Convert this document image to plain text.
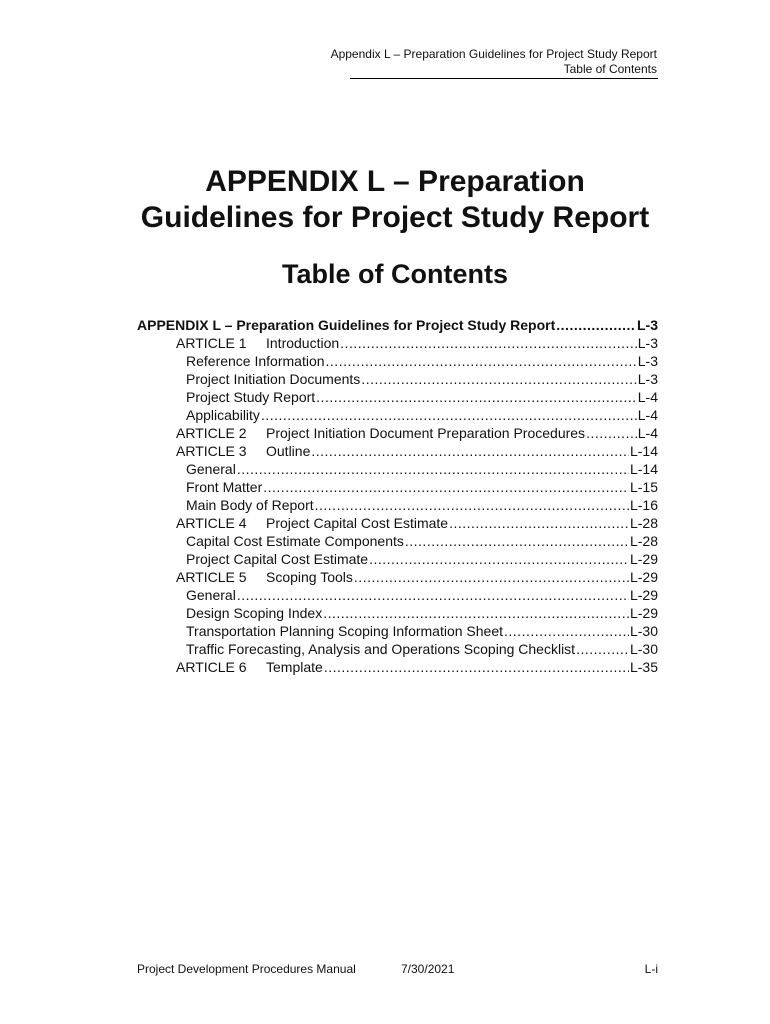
Appendix L – Preparation Guidelines for Project Study Report
Table of Contents
APPENDIX L – Preparation
Guidelines for Project Study Report
Table of Contents
APPENDIX L – Preparation Guidelines for Project Study Report .....	L-3
ARTICLE 1 Introduction .....	L-3
Reference Information .....	L-3
Project Initiation Documents .....	L-3
Project Study Report .....	L-4
Applicability .....	L-4
ARTICLE 2 Project Initiation Document Preparation Procedures .....	L-4
ARTICLE 3 Outline .....	L-14
General .....	L-14
Front Matter .....	L-15
Main Body of Report .....	L-16
ARTICLE 4 Project Capital Cost Estimate .....	L-28
Capital Cost Estimate Components .....	L-28
Project Capital Cost Estimate .....	L-29
ARTICLE 5 Scoping Tools .....	L-29
General .....	L-29
Design Scoping Index .....	L-29
Transportation Planning Scoping Information Sheet .....	L-30
Traffic Forecasting, Analysis and Operations Scoping Checklist .....	L-30
ARTICLE 6 Template .....	L-35
Project Development Procedures Manual	7/30/2021	L-i
